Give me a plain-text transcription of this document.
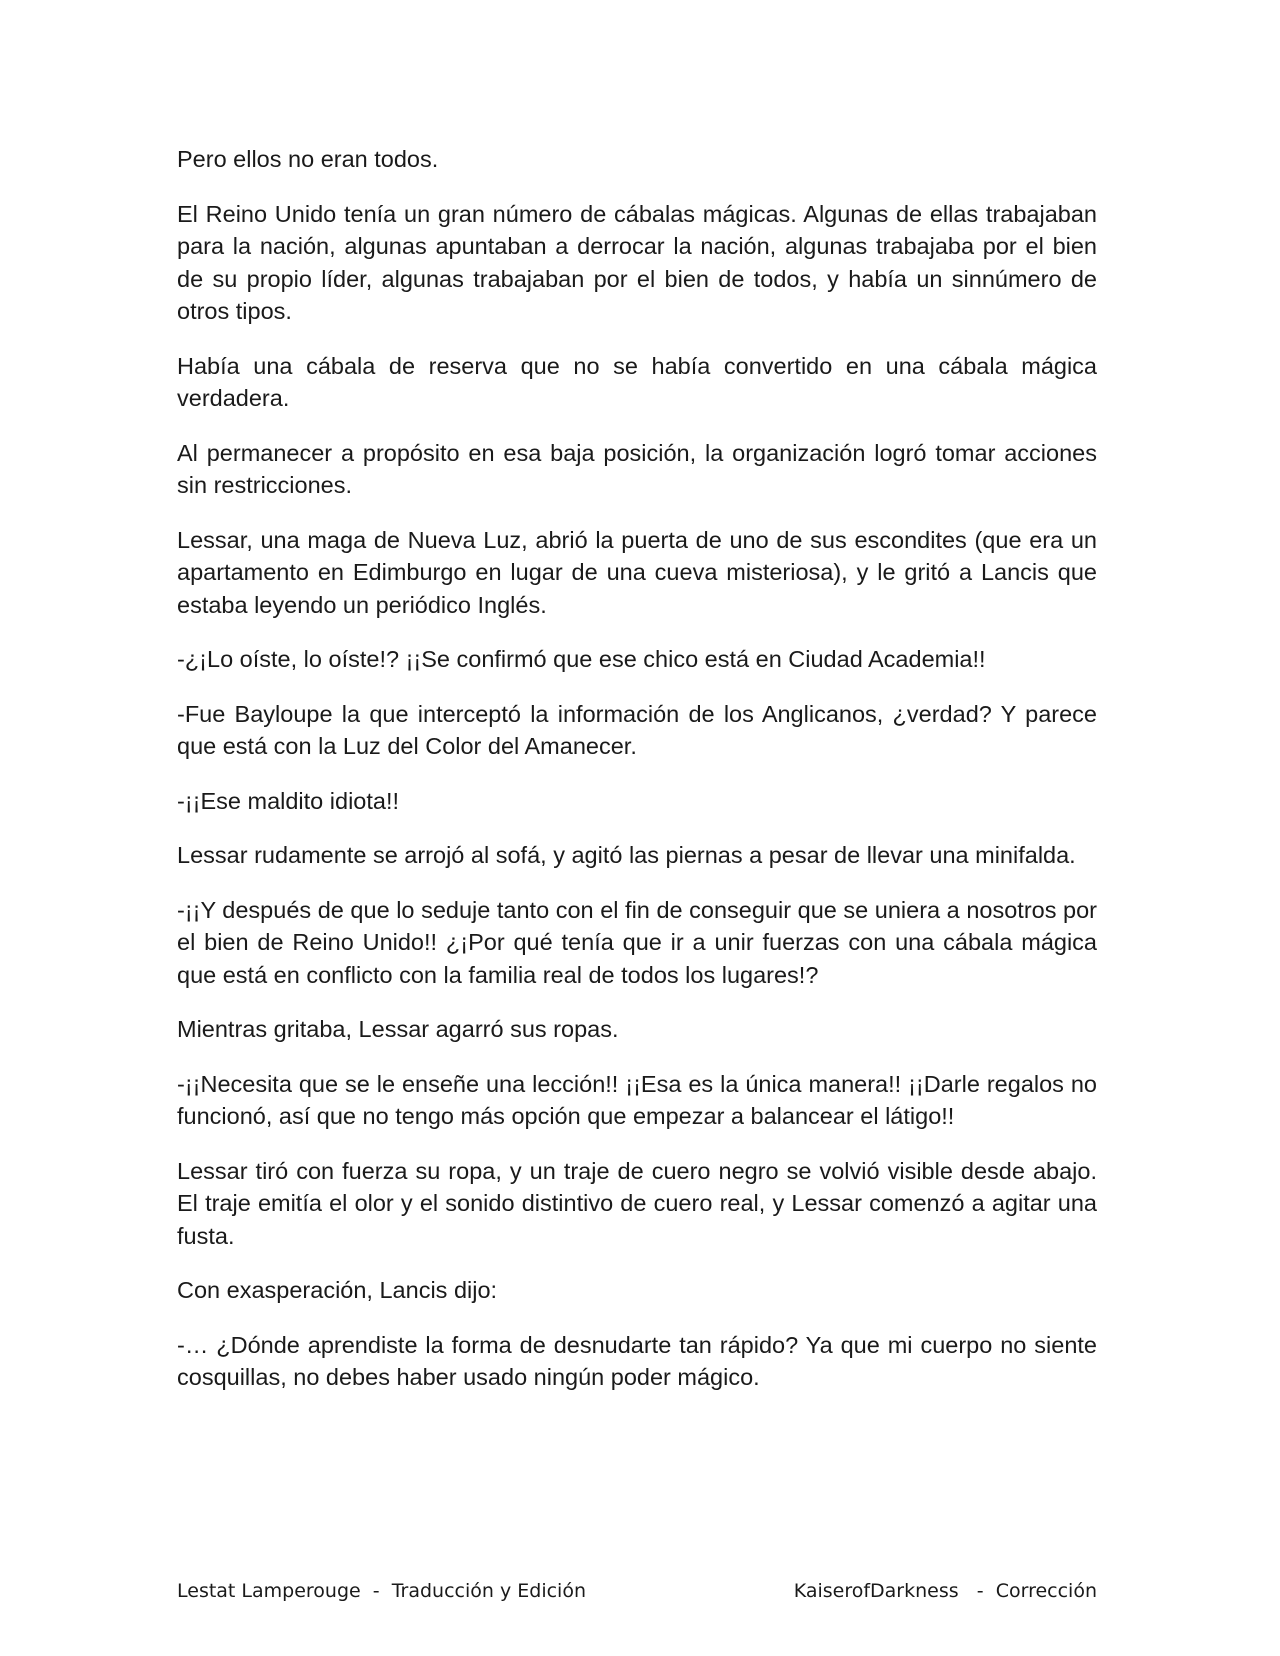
Pero ellos no eran todos.

El Reino Unido tenía un gran número de cábalas mágicas. Algunas de ellas trabajaban para la nación, algunas apuntaban a derrocar la nación, algunas trabajaba por el bien de su propio líder, algunas trabajaban por el bien de todos, y había un sinnúmero de otros tipos.

Había una cábala de reserva que no se había convertido en una cábala mágica verdadera.

Al permanecer a propósito en esa baja posición, la organización logró tomar acciones sin restricciones.

Lessar, una maga de Nueva Luz, abrió la puerta de uno de sus escondites (que era un apartamento en Edimburgo en lugar de una cueva misteriosa), y le gritó a Lancis que estaba leyendo un periódico Inglés.

-¿¡Lo oíste, lo oíste!? ¡¡Se confirmó que ese chico está en Ciudad Academia!!

-Fue Bayloupe la que interceptó la información de los Anglicanos, ¿verdad? Y parece que está con la Luz del Color del Amanecer.

-¡¡Ese maldito idiota!!

Lessar rudamente se arrojó al sofá, y agitó las piernas a pesar de llevar una minifalda.

-¡¡Y después de que lo seduje tanto con el fin de conseguir que se uniera a nosotros por el bien de Reino Unido!! ¿¡Por qué tenía que ir a unir fuerzas con una cábala mágica que está en conflicto con la familia real de todos los lugares!?

Mientras gritaba, Lessar agarró sus ropas.

-¡¡Necesita que se le enseñe una lección!! ¡¡Esa es la única manera!! ¡¡Darle regalos no funcionó, así que no tengo más opción que empezar a balancear el látigo!!

Lessar tiró con fuerza su ropa, y un traje de cuero negro se volvió visible desde abajo. El traje emitía el olor y el sonido distintivo de cuero real, y Lessar comenzó a agitar una fusta.

Con exasperación, Lancis dijo:

-… ¿Dónde aprendiste la forma de desnudarte tan rápido? Ya que mi cuerpo no siente cosquillas, no debes haber usado ningún poder mágico.

Lestat Lamperouge  -  Traducción y Edición	KaiserofDarkness   -  Corrección
